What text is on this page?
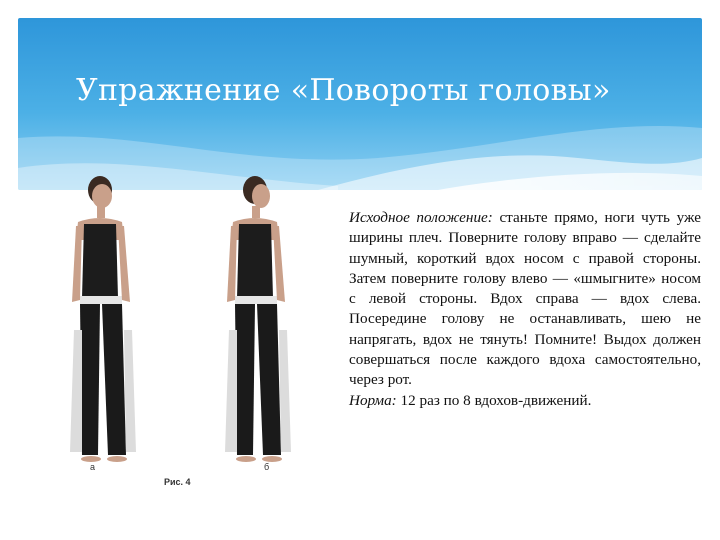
Упражнение «Повороты головы»
а	б
Рис. 4

Исходное положение: станьте прямо, ноги чуть уже ширины плеч. Поверните голову вправо — сделайте шумный, короткий вдох носом с правой стороны. Затем поверните голову влево — «шмыгните» носом с левой стороны. Вдох справа — вдох слева. Посередине голову не останавливать, шею не напрягать, вдох не тянуть! Помните! Выдох должен совершаться после каждого вдоха самостоятельно, через рот.

Норма: 12 раз по 8 вдохов-движений.
